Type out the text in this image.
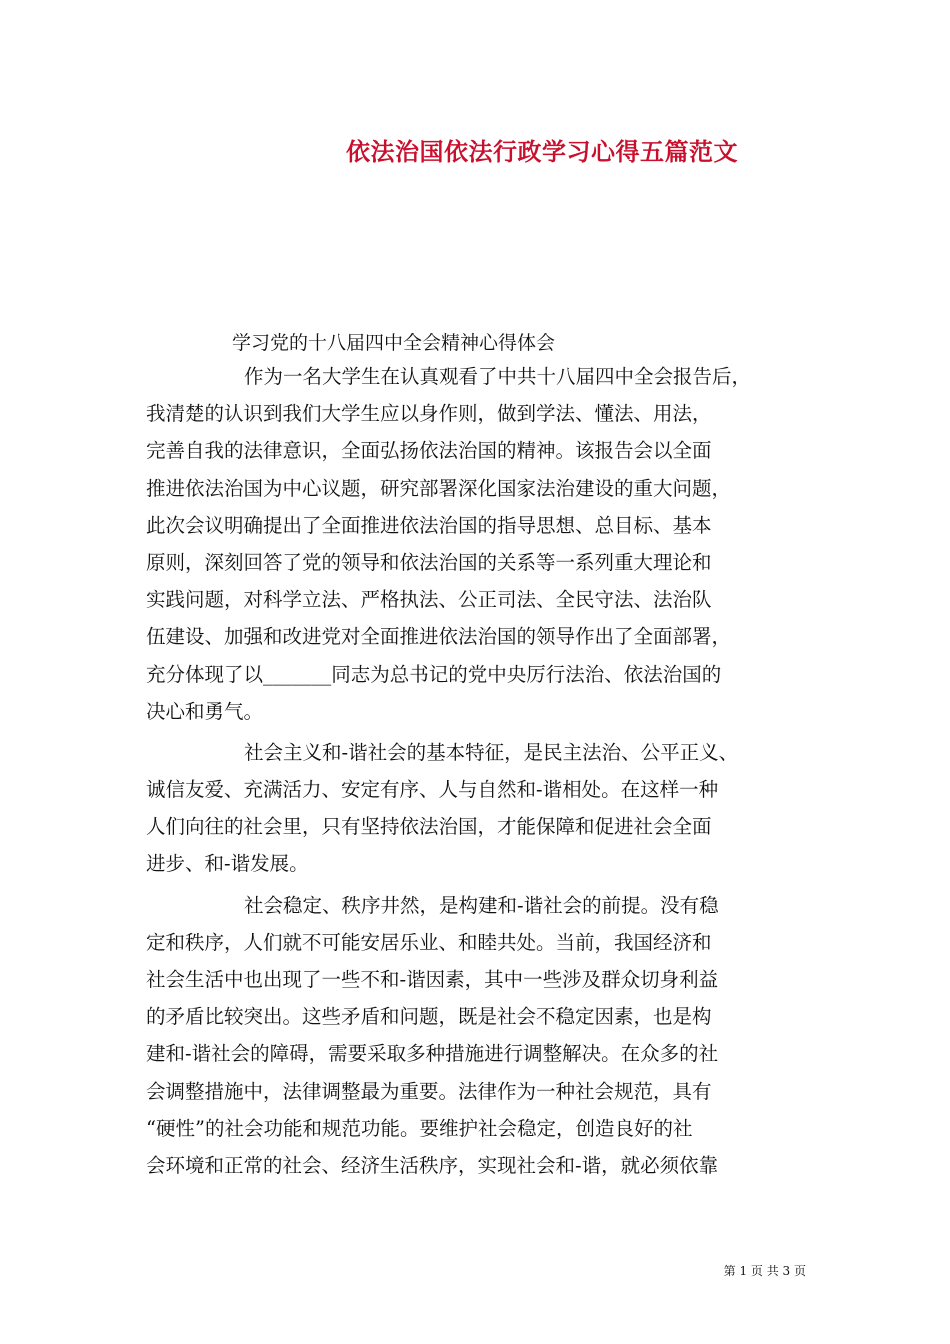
依法治国依法行政学习心得五篇范文
学习党的十八届四中全会精神心得体会
作为一名大学生在认真观看了中共十八届四中全会报告后，
我清楚的认识到我们大学生应以身作则，做到学法、懂法、用法，
完善自我的法律意识，全面弘扬依法治国的精神。该报告会以全面
推进依法治国为中心议题，研究部署深化国家法治建设的重大问题，
此次会议明确提出了全面推进依法治国的指导思想、总目标、基本
原则，深刻回答了党的领导和依法治国的关系等一系列重大理论和
实践问题，对科学立法、严格执法、公正司法、全民守法、法治队
伍建设、加强和改进党对全面推进依法治国的领导作出了全面部署，
充分体现了以_______同志为总书记的党中央厉行法治、依法治国的
决心和勇气。
社会主义和-谐社会的基本特征，是民主法治、公平正义、
诚信友爱、充满活力、安定有序、人与自然和-谐相处。在这样一种
人们向往的社会里，只有坚持依法治国，才能保障和促进社会全面
进步、和-谐发展。
社会稳定、秩序井然，是构建和-谐社会的前提。没有稳
定和秩序，人们就不可能安居乐业、和睦共处。当前，我国经济和
社会生活中也出现了一些不和-谐因素，其中一些涉及群众切身利益
的矛盾比较突出。这些矛盾和问题，既是社会不稳定因素，也是构
建和-谐社会的障碍，需要采取多种措施进行调整解决。在众多的社
会调整措施中，法律调整最为重要。法律作为一种社会规范，具有
“硬性”的社会功能和规范功能。要维护社会稳定，创造良好的社
会环境和正常的社会、经济生活秩序，实现社会和-谐，就必须依靠
第 1 页 共 3 页
